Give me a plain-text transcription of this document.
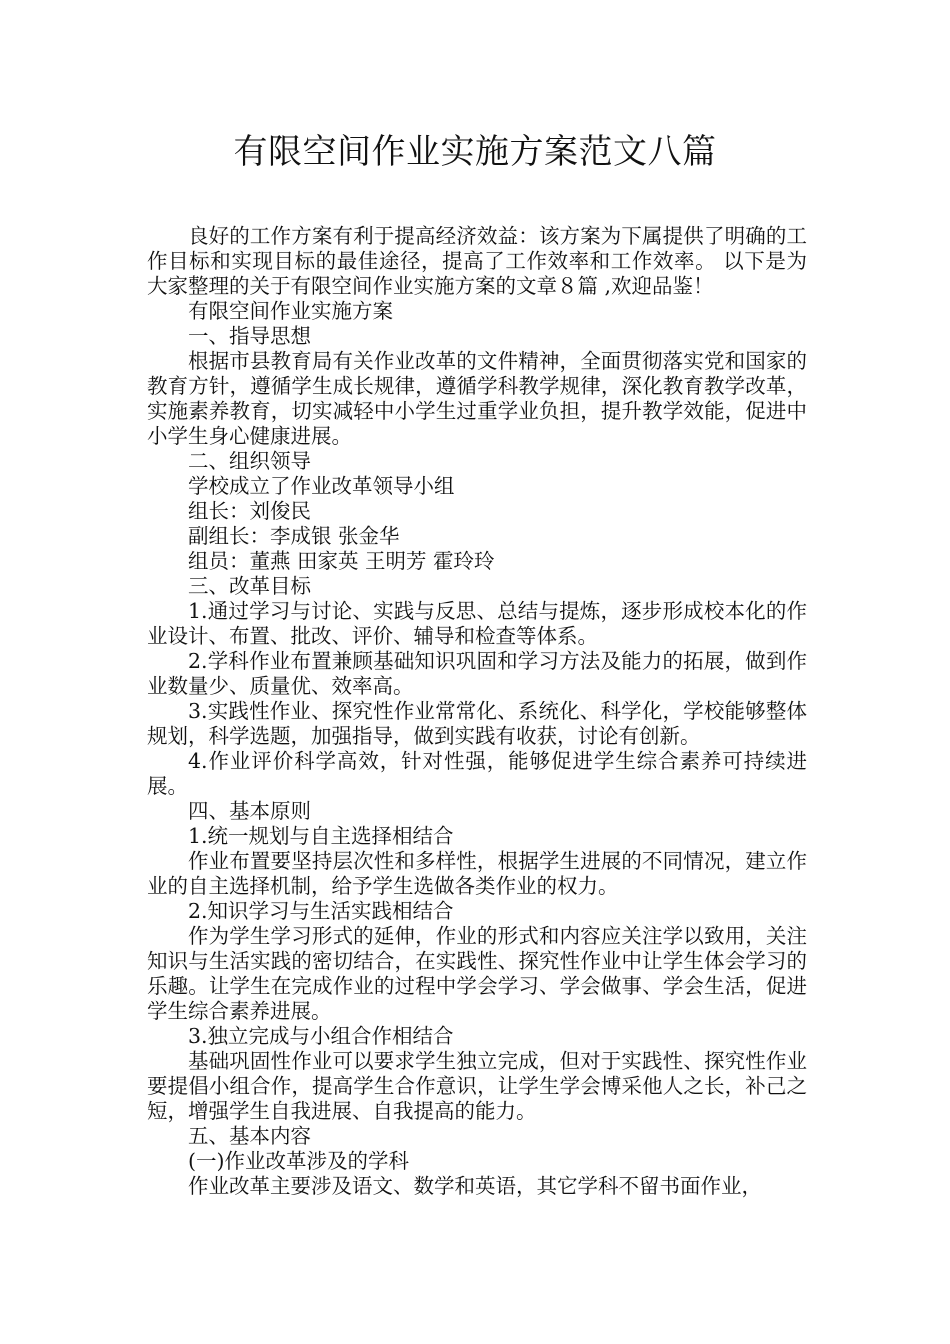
有限空间作业实施方案范文八篇

良好的工作方案有利于提高经济效益：该方案为下属提供了明确的工作目标和实现目标的最佳途径，提高了工作效率和工作效率。 以下是为大家整理的关于有限空间作业实施方案的文章８篇 ,欢迎品鉴！

有限空间作业实施方案

一、指导思想

根据市县教育局有关作业改革的文件精神，全面贯彻落实党和国家的教育方针，遵循学生成长规律，遵循学科教学规律，深化教育教学改革，实施素养教育，切实减轻中小学生过重学业负担，提升教学效能，促进中小学生身心健康进展。

二、组织领导

学校成立了作业改革领导小组

组长：刘俊民

副组长：李成银 张金华

组员：董燕 田家英 王明芳 霍玲玲

三、改革目标

1.通过学习与讨论、实践与反思、总结与提炼，逐步形成校本化的作业设计、布置、批改、评价、辅导和检查等体系。

2.学科作业布置兼顾基础知识巩固和学习方法及能力的拓展，做到作业数量少、质量优、效率高。

3.实践性作业、探究性作业常常化、系统化、科学化，学校能够整体规划，科学选题，加强指导，做到实践有收获，讨论有创新。

4.作业评价科学高效，针对性强，能够促进学生综合素养可持续进展。

四、基本原则

1.统一规划与自主选择相结合

作业布置要坚持层次性和多样性，根据学生进展的不同情况，建立作业的自主选择机制，给予学生选做各类作业的权力。

2.知识学习与生活实践相结合

作为学生学习形式的延伸，作业的形式和内容应关注学以致用，关注知识与生活实践的密切结合，在实践性、探究性作业中让学生体会学习的乐趣。让学生在完成作业的过程中学会学习、学会做事、学会生活，促进学生综合素养进展。

3.独立完成与小组合作相结合

基础巩固性作业可以要求学生独立完成，但对于实践性、探究性作业要提倡小组合作，提高学生合作意识，让学生学会博采他人之长，补己之短，增强学生自我进展、自我提高的能力。

五、基本内容

(一)作业改革涉及的学科

作业改革主要涉及语文、数学和英语，其它学科不留书面作业，
